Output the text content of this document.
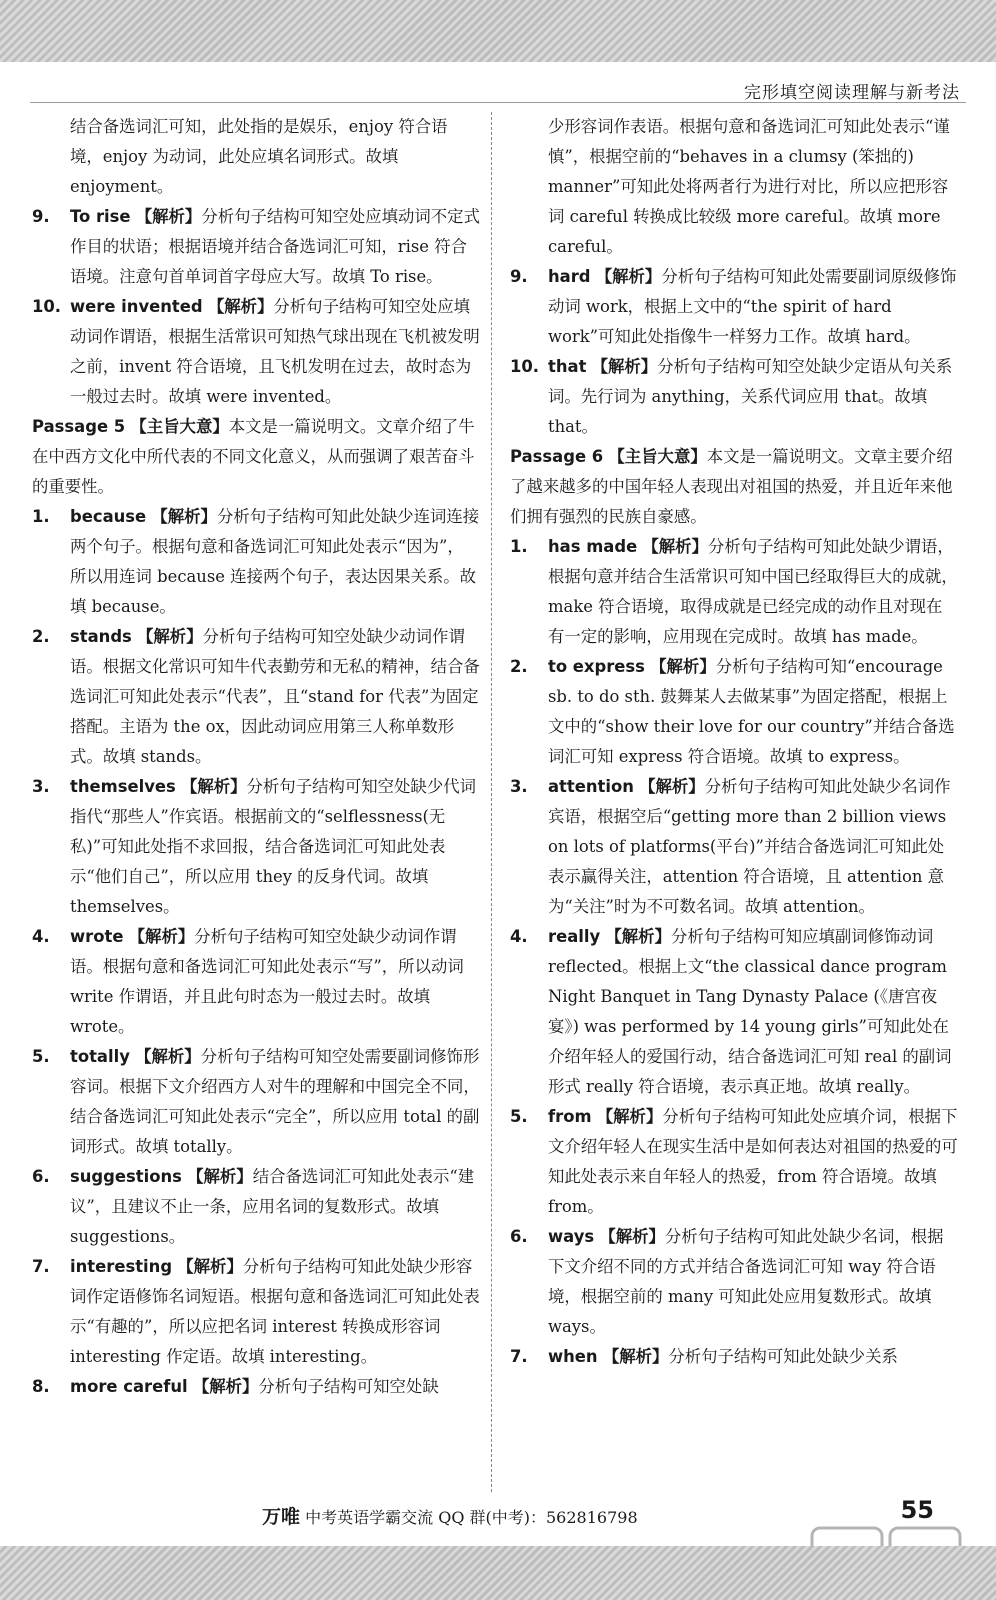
完形填空阅读理解与新考法

结合备选词汇可知，此处指的是娱乐，enjoy 符合语境，enjoy 为动词，此处应填名词形式。故填 enjoyment。

9. To rise 【解析】分析句子结构可知空处应填动词不定式作目的状语；根据语境并结合备选词汇可知，rise 符合语境。注意句首单词首字母应大写。故填 To rise。

10. were invented 【解析】分析句子结构可知空处应填动词作谓语，根据生活常识可知热气球出现在飞机被发明之前，invent 符合语境，且飞机发明在过去，故时态为一般过去时。故填 were invented。

Passage 5 【主旨大意】本文是一篇说明文。文章介绍了牛在中西方文化中所代表的不同文化意义，从而强调了艰苦奋斗的重要性。

1. because 【解析】分析句子结构可知此处缺少连词连接两个句子。根据句意和备选词汇可知此处表示“因为”，所以用连词 because 连接两个句子，表达因果关系。故填 because。

2. stands 【解析】分析句子结构可知空处缺少动词作谓语。根据文化常识可知牛代表勤劳和无私的精神，结合备选词汇可知此处表示“代表”，且“stand for 代表”为固定搭配。主语为 the ox，因此动词应用第三人称单数形式。故填 stands。

3. themselves 【解析】分析句子结构可知空处缺少代词指代“那些人”作宾语。根据前文的“selflessness(无私)”可知此处指不求回报，结合备选词汇可知此处表示“他们自己”，所以应用 they 的反身代词。故填 themselves。

4. wrote 【解析】分析句子结构可知空处缺少动词作谓语。根据句意和备选词汇可知此处表示“写”，所以动词 write 作谓语，并且此句时态为一般过去时。故填 wrote。

5. totally 【解析】分析句子结构可知空处需要副词修饰形容词。根据下文介绍西方人对牛的理解和中国完全不同，结合备选词汇可知此处表示“完全”，所以应用 total 的副词形式。故填 totally。

6. suggestions 【解析】结合备选词汇可知此处表示“建议”，且建议不止一条，应用名词的复数形式。故填 suggestions。

7. interesting 【解析】分析句子结构可知此处缺少形容词作定语修饰名词短语。根据句意和备选词汇可知此处表示“有趣的”，所以应把名词 interest 转换成形容词 interesting 作定语。故填 interesting。

8. more careful 【解析】分析句子结构可知空处缺

少形容词作表语。根据句意和备选词汇可知此处表示“谨慎”，根据空前的“behaves in a clumsy (笨拙的) manner”可知此处将两者行为进行对比，所以应把形容词 careful 转换成比较级 more careful。故填 more careful。

9. hard 【解析】分析句子结构可知此处需要副词原级修饰动词 work，根据上文中的“the spirit of hard work”可知此处指像牛一样努力工作。故填 hard。

10. that 【解析】分析句子结构可知空处缺少定语从句关系词。先行词为 anything，关系代词应用 that。故填 that。

Passage 6 【主旨大意】本文是一篇说明文。文章主要介绍了越来越多的中国年轻人表现出对祖国的热爱，并且近年来他们拥有强烈的民族自豪感。

1. has made 【解析】分析句子结构可知此处缺少谓语，根据句意并结合生活常识可知中国已经取得巨大的成就，make 符合语境，取得成就是已经完成的动作且对现在有一定的影响，应用现在完成时。故填 has made。

2. to express 【解析】分析句子结构可知“encourage sb. to do sth. 鼓舞某人去做某事”为固定搭配，根据上文中的“show their love for our country”并结合备选词汇可知 express 符合语境。故填 to express。

3. attention 【解析】分析句子结构可知此处缺少名词作宾语，根据空后“getting more than 2 billion views on lots of platforms(平台)”并结合备选词汇可知此处表示赢得关注，attention 符合语境，且 attention 意为“关注”时为不可数名词。故填 attention。

4. really 【解析】分析句子结构可知应填副词修饰动词 reflected。根据上文“the classical dance program Night Banquet in Tang Dynasty Palace (《唐宫夜宴》) was performed by 14 young girls”可知此处在介绍年轻人的爱国行动，结合备选词汇可知 real 的副词形式 really 符合语境，表示真正地。故填 really。

5. from 【解析】分析句子结构可知此处应填介词，根据下文介绍年轻人在现实生活中是如何表达对祖国的热爱的可知此处表示来自年轻人的热爱，from 符合语境。故填 from。

6. ways 【解析】分析句子结构可知此处缺少名词，根据下文介绍不同的方式并结合备选词汇可知 way 符合语境，根据空前的 many 可知此处应用复数形式。故填 ways。

7. when 【解析】分析句子结构可知此处缺少关系

万唯 中考英语学霸交流 QQ 群(中考)：562816798	55
